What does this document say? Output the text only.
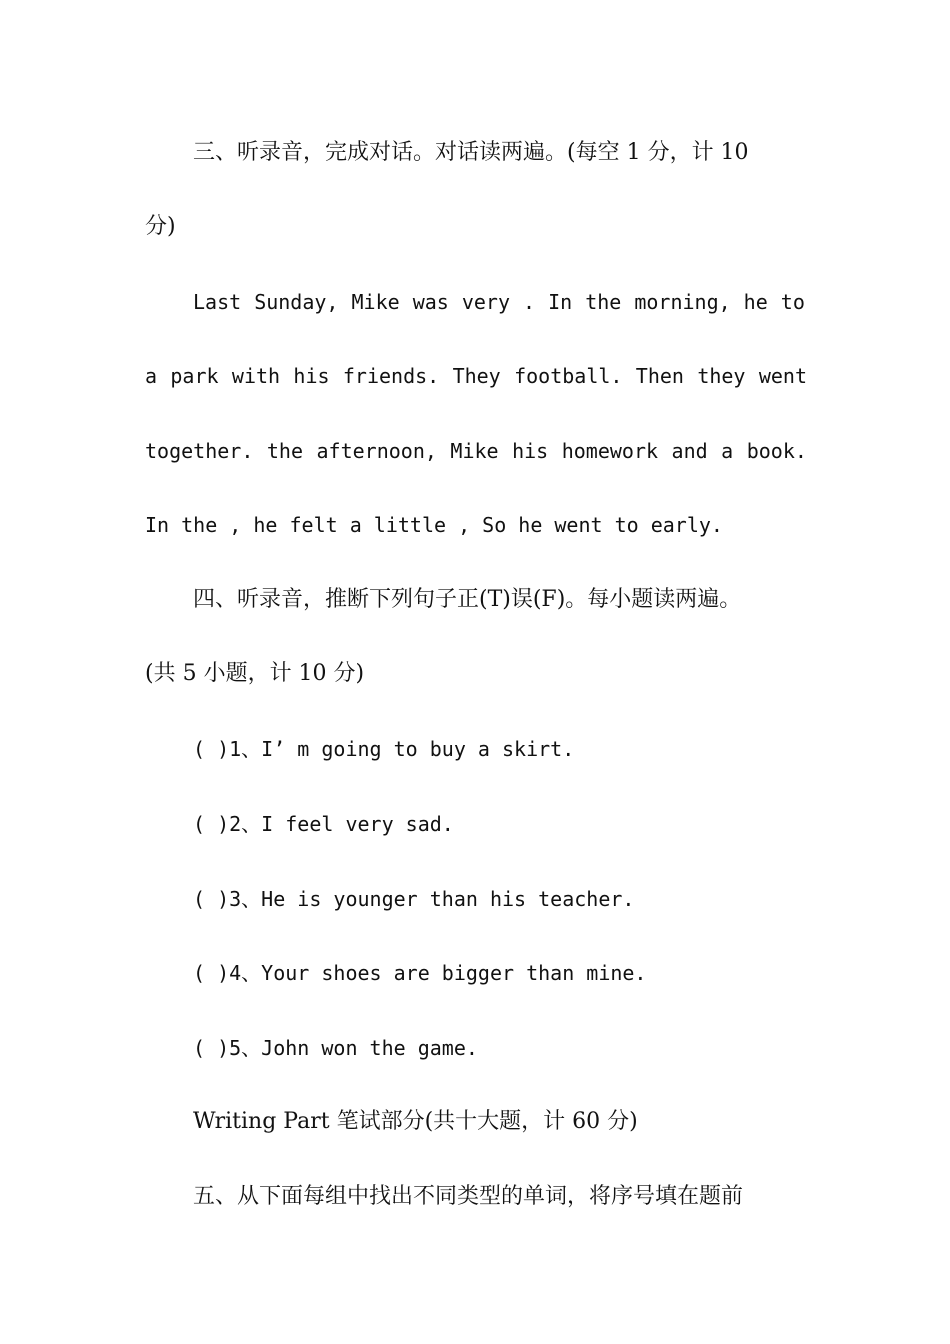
三、听录音，完成对话。对话读两遍。(每空 1 分，计 10
分)
Last Sunday, Mike was very . In the morning, he to
a park with his friends. They football. Then they went
together. the afternoon, Mike his homework and a book.
In the , he felt a little , So he went to early.
四、听录音，推断下列句子正(T)误(F)。每小题读两遍。
(共 5 小题，计 10 分)
( )1、I’ m going to buy a skirt.
( )2、I feel very sad.
( )3、He is younger than his teacher.
( )4、Your shoes are bigger than mine.
( )5、John won the game.
Writing Part 笔试部分(共十大题，计 60 分)
五、从下面每组中找出不同类型的单词，将序号填在题前
